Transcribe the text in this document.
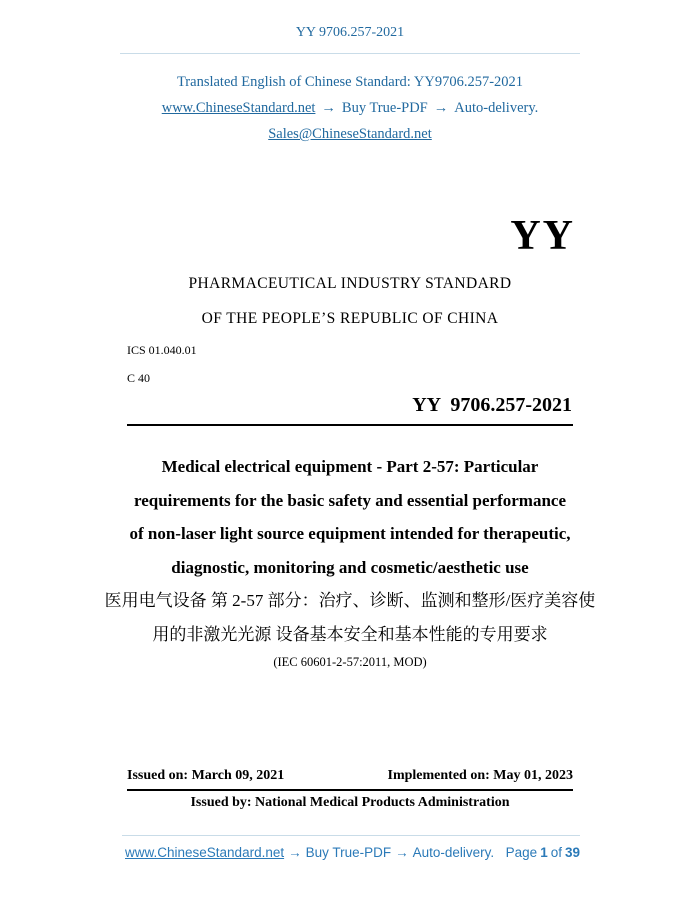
YY 9706.257-2021
Translated English of Chinese Standard: YY9706.257-2021
www.ChineseStandard.net → Buy True-PDF → Auto-delivery.
Sales@ChineseStandard.net
YY
PHARMACEUTICAL INDUSTRY STANDARD
OF THE PEOPLE’S REPUBLIC OF CHINA
ICS 01.040.01
C 40
YY  9706.257-2021
Medical electrical equipment - Part 2-57: Particular
requirements for the basic safety and essential performance
of non-laser light source equipment intended for therapeutic,
diagnostic, monitoring and cosmetic/aesthetic use
医用电气设备 第 2-57 部分：治疗、诊断、监测和整形/医疗美容使
用的非激光光源 设备基本安全和基本性能的专用要求
(IEC 60601-2-57:2011, MOD)
Issued on: March 09, 2021	Implemented on: May 01, 2023
Issued by: National Medical Products Administration
www.ChineseStandard.net → Buy True-PDF → Auto-delivery. Page 1 of 39
